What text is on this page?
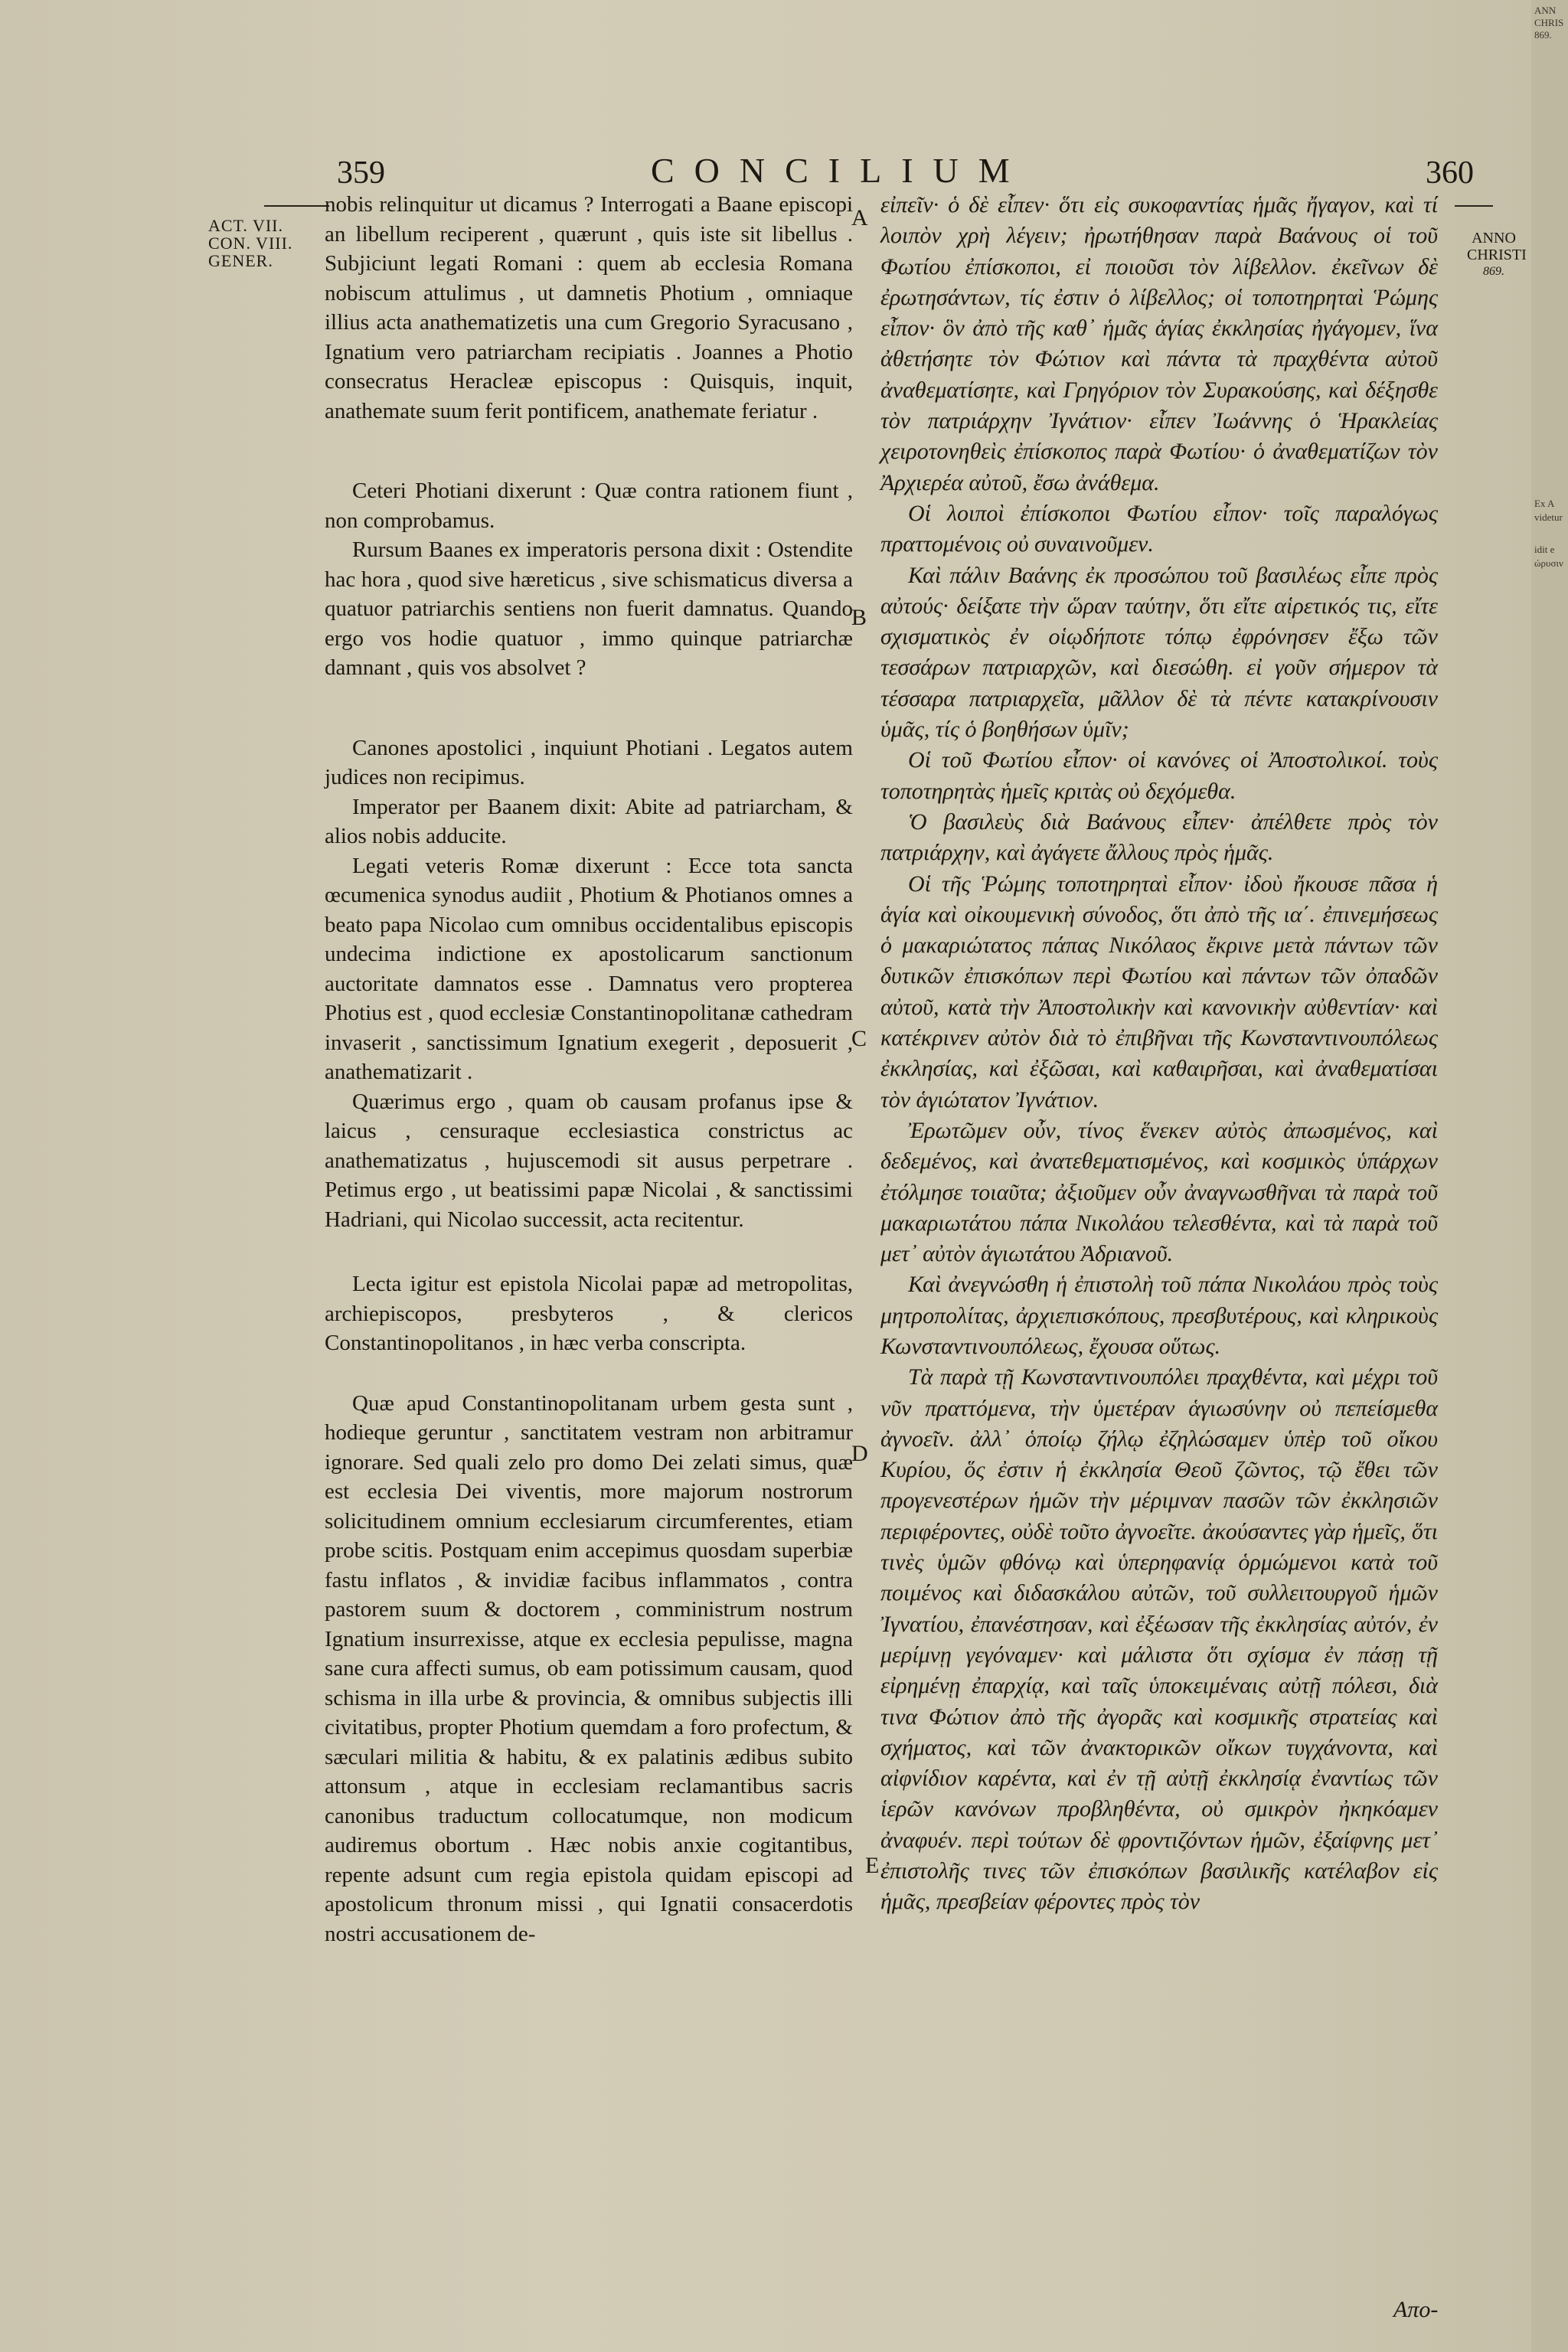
359	CONCILIUM	360
ACT. VII.
CON. VIII.
GENER.
ANNO
CHRISTI
869.
A
B
C
D
E

nobis relinquitur ut dicamus ? Interrogati a Baane episcopi an libellum reciperent , quærunt , quis iste sit libellus . Subjiciunt legati Romani : quem ab ecclesia Romana nobiscum attulimus , ut damnetis Photium , omniaque illius acta anathematizetis una cum Gregorio Syracusano , Ignatium vero patriarcham recipiatis . Joannes a Photio consecratus Heracleæ episcopus : Quisquis, inquit, anathemate suum ferit pontificem, anathemate feriatur .

Ceteri Photiani dixerunt : Quæ contra rationem fiunt , non comprobamus.

Rursum Baanes ex imperatoris persona dixit : Ostendite hac hora , quod sive hæreticus , sive schismaticus diversa a quatuor patriarchis sentiens non fuerit damnatus. Quando ergo vos hodie quatuor , immo quinque patriarchæ damnant , quis vos absolvet ?

Canones apostolici , inquiunt Photiani . Legatos autem judices non recipimus.

Imperator per Baanem dixit: Abite ad patriarcham, & alios nobis adducite.

Legati veteris Romæ dixerunt : Ecce tota sancta œcumenica synodus audiit , Photium & Photianos omnes a beato papa Nicolao cum omnibus occidentalibus episcopis undecima indictione ex apostolicarum sanctionum auctoritate damnatos esse . Damnatus vero propterea Photius est , quod ecclesiæ Constantinopolitanæ cathedram invaserit , sanctissimum Ignatium exegerit , deposuerit , anathematizarit .

Quærimus ergo , quam ob causam profanus ipse & laicus , censuraque ecclesiastica constrictus ac anathematizatus , hujuscemodi sit ausus perpetrare . Petimus ergo , ut beatissimi papæ Nicolai , & sanctissimi Hadriani, qui Nicolao successit, acta recitentur.

Lecta igitur est epistola Nicolai papæ ad metropolitas, archiepiscopos, presbyteros , & clericos Constantinopolitanos , in hæc verba conscripta.

Quæ apud Constantinopolitanam urbem gesta sunt , hodieque geruntur , sanctitatem vestram non arbitramur ignorare. Sed quali zelo pro domo Dei zelati simus, quæ est ecclesia Dei viventis, more majorum nostrorum solicitudinem omnium ecclesiarum circumferentes, etiam probe scitis. Postquam enim accepimus quosdam superbiæ fastu inflatos , & invidiæ facibus inflammatos , contra pastorem suum & doctorem , comministrum nostrum Ignatium insurrexisse, atque ex ecclesia pepulisse, magna sane cura affecti sumus, ob eam potissimum causam, quod schisma in illa urbe & provincia, & omnibus subjectis illi civitatibus, propter Photium quemdam a foro profectum, & sæculari militia & habitu, & ex palatinis ædibus subito attonsum , atque in ecclesiam reclamantibus sacris canonibus traductum collocatumque, non modicum audiremus obortum . Hæc nobis anxie cogitantibus, repente adsunt cum regia epistola quidam episcopi ad apostolicum thronum missi , qui Ignatii consacerdotis nostri accusationem de-

εἰπεῖν· ὁ δὲ εἶπεν· ὅτι εἰς συκοφαντίας ἡμᾶς ἤγαγον, καὶ τί λοιπὸν χρὴ λέγειν; ἠρωτήθησαν παρὰ Βαάνους οἱ τοῦ Φωτίου ἐπίσκοποι, εἰ ποιοῦσι τὸν λίβελλον. ἐκεῖνων δὲ ἐρωτησάντων, τίς ἐστιν ὁ λίβελλος; οἱ τοποτηρηταὶ Ῥώμης εἶπον· ὃν ἀπὸ τῆς καθ᾽ ἡμᾶς ἁγίας ἐκκλησίας ἠγάγομεν, ἵνα ἀθετήσητε τὸν Φώτιον καὶ πάντα τὰ πραχθέντα αὐτοῦ ἀναθεματίσητε, καὶ Γρηγόριον τὸν Συρακούσης, καὶ δέξησθε τὸν πατριάρχην Ἰγνάτιον· εἶπεν Ἰωάννης ὁ Ἡρακλείας χειροτονηθεὶς ἐπίσκοπος παρὰ Φωτίου· ὁ ἀναθεματίζων τὸν Ἀρχιερέα αὐτοῦ, ἔσω ἀνάθεμα.

Οἱ λοιποὶ ἐπίσκοποι Φωτίου εἶπον· τοῖς παραλόγως πραττομένοις οὐ συναινοῦμεν.

Καὶ πάλιν Βαάνης ἐκ προσώπου τοῦ βασιλέως εἶπε πρὸς αὐτούς· δείξατε τὴν ὥραν ταύτην, ὅτι εἴτε αἱρετικός τις, εἴτε σχισματικὸς ἐν οἱῳδήποτε τόπῳ ἐφρόνησεν ἔξω τῶν τεσσάρων πατριαρχῶν, καὶ διεσώθη. εἰ γοῦν σήμερον τὰ τέσσαρα πατριαρχεῖα, μᾶλλον δὲ τὰ πέντε κατακρίνουσιν ὑμᾶς, τίς ὁ βοηθήσων ὑμῖν;

Οἱ τοῦ Φωτίου εἶπον· οἱ κανόνες οἱ Ἀποστολικοί. τοὺς τοποτηρητὰς ἡμεῖς κριτὰς οὐ δεχόμεθα.

Ὁ βασιλεὺς διὰ Βαάνους εἶπεν· ἀπέλθετε πρὸς τὸν πατριάρχην, καὶ ἀγάγετε ἄλλους πρὸς ἡμᾶς.

Οἱ τῆς Ῥώμης τοποτηρηταὶ εἶπον· ἰδοὺ ἤκουσε πᾶσα ἡ ἁγία καὶ οἰκουμενικὴ σύνοδος, ὅτι ἀπὸ τῆς ια΄. ἐπινεμήσεως ὁ μακαριώτατος πάπας Νικόλαος ἔκρινε μετὰ πάντων τῶν δυτικῶν ἐπισκόπων περὶ Φωτίου καὶ πάντων τῶν ὀπαδῶν αὐτοῦ, κατὰ τὴν Ἀποστολικὴν καὶ κανονικὴν αὐθεντίαν· καὶ κατέκρινεν αὐτὸν διὰ τὸ ἐπιβῆναι τῆς Κωνσταντινουπόλεως ἐκκλησίας, καὶ ἐξῶσαι, καὶ καθαιρῆσαι, καὶ ἀναθεματίσαι τὸν ἁγιώτατον Ἰγνάτιον.

Ἐρωτῶμεν οὖν, τίνος ἕνεκεν αὐτὸς ἀπωσμένος, καὶ δεδεμένος, καὶ ἀνατεθεματισμένος, καὶ κοσμικὸς ὑπάρχων ἐτόλμησε τοιαῦτα; ἀξιοῦμεν οὖν ἀναγνωσθῆναι τὰ παρὰ τοῦ μακαριωτάτου πάπα Νικολάου τελεσθέντα, καὶ τὰ παρὰ τοῦ μετ᾽ αὐτὸν ἁγιωτάτου Ἀδριανοῦ.

Καὶ ἀνεγνώσθη ἡ ἐπιστολὴ τοῦ πάπα Νικολάου πρὸς τοὺς μητροπολίτας, ἀρχιεπισκόπους, πρεσβυτέρους, καὶ κληρικοὺς Κωνσταντινουπόλεως, ἔχουσα οὕτως.

Τὰ παρὰ τῇ Κωνσταντινουπόλει πραχθέντα, καὶ μέχρι τοῦ νῦν πραττόμενα, τὴν ὑμετέραν ἁγιωσύνην οὐ πεπείσμεθα ἀγνοεῖν. ἀλλ᾽ ὁποίῳ ζήλῳ ἐζηλώσαμεν ὑπὲρ τοῦ οἴκου Κυρίου, ὅς ἐστιν ἡ ἐκκλησία Θεοῦ ζῶντος, τῷ ἔθει τῶν προγενεστέρων ἡμῶν τὴν μέριμναν πασῶν τῶν ἐκκλησιῶν περιφέροντες, οὐδὲ τοῦτο ἀγνοεῖτε. ἀκούσαντες γὰρ ἡμεῖς, ὅτι τινὲς ὑμῶν φθόνῳ καὶ ὑπερηφανίᾳ ὁρμώμενοι κατὰ τοῦ ποιμένος καὶ διδασκάλου αὐτῶν, τοῦ συλλειτουργοῦ ἡμῶν Ἰγνατίου, ἐπανέστησαν, καὶ ἐξέωσαν τῆς ἐκκλησίας αὐτόν, ἐν μερίμνῃ γεγόναμεν· καὶ μάλιστα ὅτι σχίσμα ἐν πάσῃ τῇ εἰρημένῃ ἐπαρχίᾳ, καὶ ταῖς ὑποκειμέναις αὐτῇ πόλεσι, διὰ τινα Φώτιον ἀπὸ τῆς ἀγορᾶς καὶ κοσμικῆς στρατείας καὶ σχήματος, καὶ τῶν ἀνακτορικῶν οἴκων τυγχάνοντα, καὶ αἰφνίδιον καρέντα, καὶ ἐν τῇ αὐτῇ ἐκκλησίᾳ ἐναντίως τῶν ἱερῶν κανόνων προβληθέντα, οὐ σμικρὸν ἠκηκόαμεν ἀναφυέν. περὶ τούτων δὲ φροντιζόντων ἡμῶν, ἐξαίφνης μετ᾽ ἐπιστολῆς τινες τῶν ἐπισκόπων βασιλικῆς κατέλαβον εἰς ἡμᾶς, πρεσβείαν φέροντες πρὸς τὸν

Απο-
ANN
CHRIS
869.
Ex A
videtur
idit e
ώρυσιν
